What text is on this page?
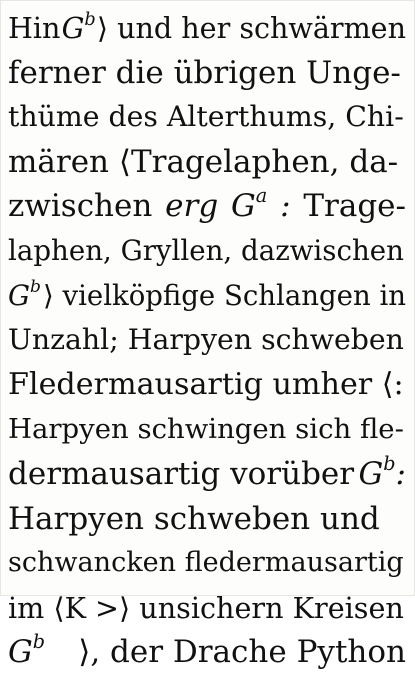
Hin $G^b$ ⟩ und her schwärmen
ferner die übrigen Unge-
thüme des Alterthums, Chi-
mären ⟨Tragelaphen, da-
zwischen erg $G^a$ : Trage-
laphen, Gryllen, dazwischen
$G^b$ ⟩ vielköpfige Schlangen in
Unzahl; Harpyen schweben
Fledermausartig umher ⟨:
Harpyen schwingen sich fle-
dermausartig vorüber $G^b$:
Harpyen schweben und
schwancken fledermausartig
im ⟨K >⟩ unsichern Kreisen
$G^b$ ⟩, der Drache Python
